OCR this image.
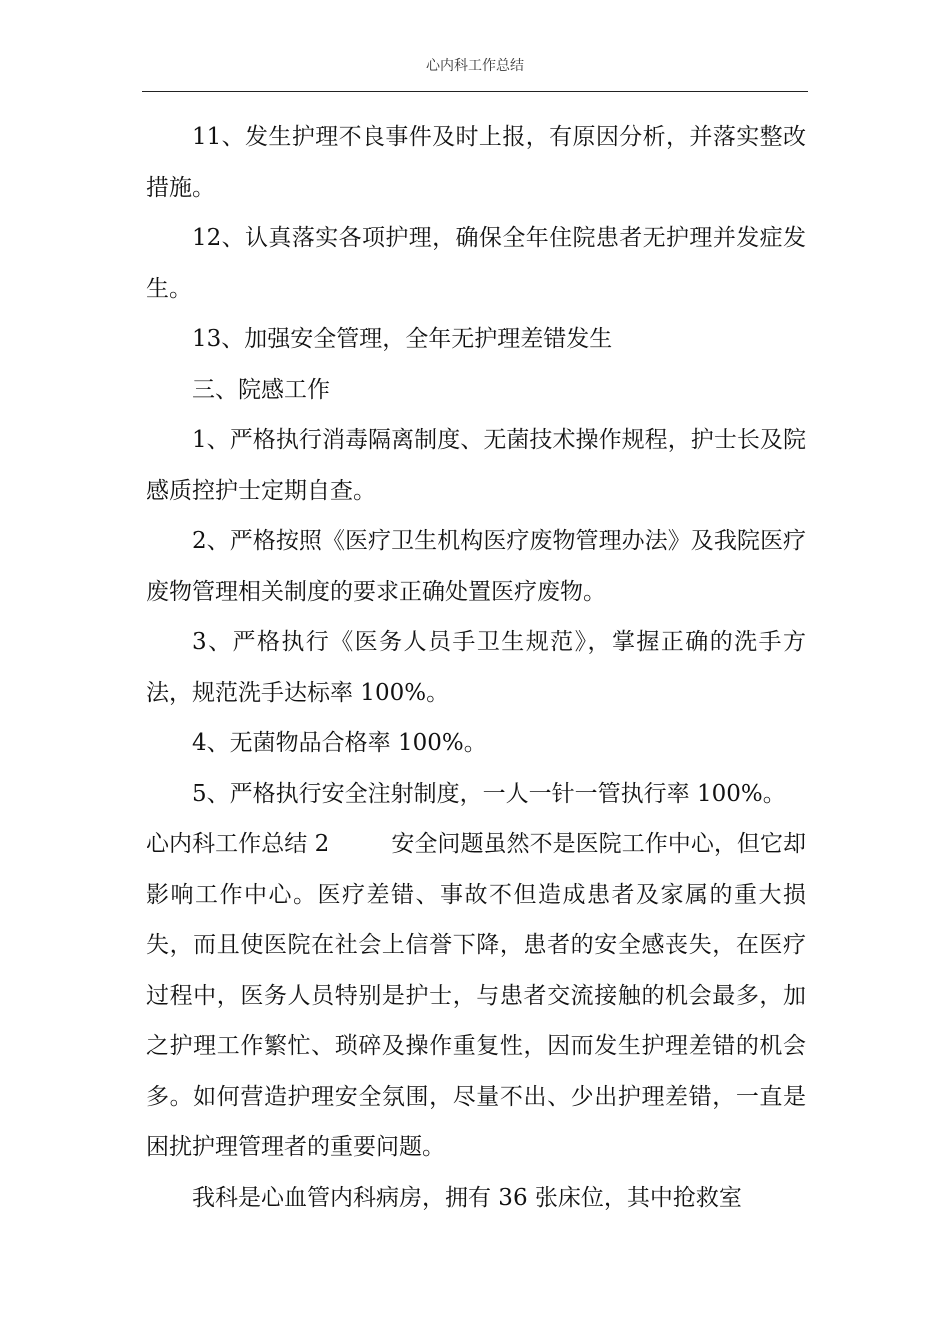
心内科工作总结

11、发生护理不良事件及时上报，有原因分析，并落实整改措施。

12、认真落实各项护理，确保全年住院患者无护理并发症发生。

13、加强安全管理，全年无护理差错发生

三、院感工作

1、严格执行消毒隔离制度、无菌技术操作规程，护士长及院感质控护士定期自查。

2、严格按照《医疗卫生机构医疗废物管理办法》及我院医疗废物管理相关制度的要求正确处置医疗废物。

3、严格执行《医务人员手卫生规范》，掌握正确的洗手方法，规范洗手达标率 100%。

4、无菌物品合格率 100%。

5、严格执行安全注射制度，一人一针一管执行率 100%。

心内科工作总结 2	安全问题虽然不是医院工作中心，但它却影响工作中心。医疗差错、事故不但造成患者及家属的重大损失，而且使医院在社会上信誉下降，患者的安全感丧失，在医疗过程中，医务人员特别是护士，与患者交流接触的机会最多，加之护理工作繁忙、琐碎及操作重复性，因而发生护理差错的机会多。如何营造护理安全氛围，尽量不出、少出护理差错，一直是困扰护理管理者的重要问题。

我科是心血管内科病房，拥有 36 张床位，其中抢救室
